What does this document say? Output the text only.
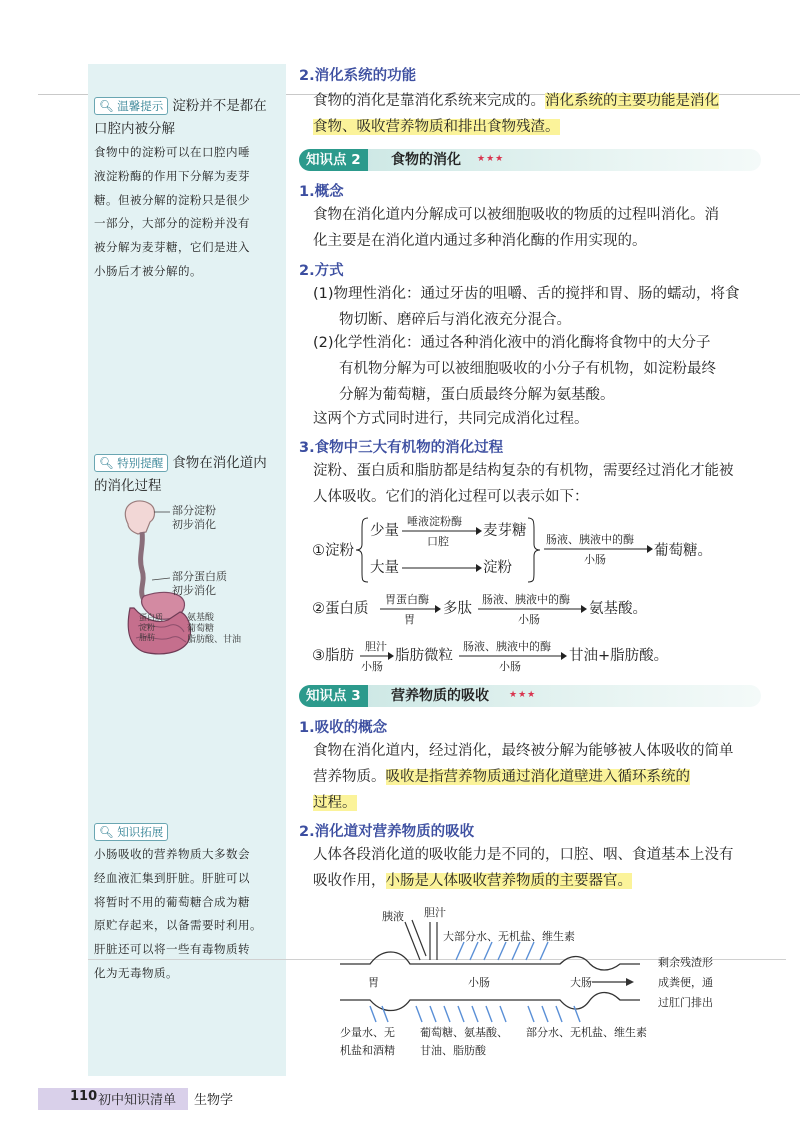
🔍︎ 温馨提示 淀粉并不是都在
口腔内被分解
食物中的淀粉可以在口腔内唾
液淀粉酶的作用下分解为麦芽
糖。但被分解的淀粉只是很少
一部分，大部分的淀粉并没有
被分解为麦芽糖，它们是进入
小肠后才被分解的。
🔍︎ 特别提醒 食物在消化道内
的消化过程
部分淀粉
初步消化
部分蛋白质
初步消化
蛋白质
淀粉
脂肪
氨基酸
葡萄糖
脂肪酸、甘油
🔍︎ 知识拓展
小肠吸收的营养物质大多数会
经血液汇集到肝脏。肝脏可以
将暂时不用的葡萄糖合成为糖
原贮存起来，以备需要时利用。
肝脏还可以将一些有毒物质转
化为无毒物质。
2.消化系统的功能
食物的消化是靠消化系统来完成的。消化系统的主要功能是消化
食物、吸收营养物质和排出食物残渣。
知识点 2	食物的消化 ★★★
1.概念
食物在消化道内分解成可以被细胞吸收的物质的过程叫消化。消
化主要是在消化道内通过多种消化酶的作用实现的。
2.方式
(1)物理性消化：通过牙齿的咀嚼、舌的搅拌和胃、肠的蠕动，将食
物切断、磨碎后与消化液充分混合。
(2)化学性消化：通过各种消化液中的消化酶将食物中的大分子
有机物分解为可以被细胞吸收的小分子有机物，如淀粉最终
分解为葡萄糖，蛋白质最终分解为氨基酸。
这两个方式同时进行，共同完成消化过程。
3.食物中三大有机物的消化过程
淀粉、蛋白质和脂肪都是结构复杂的有机物，需要经过消化才能被
人体吸收。它们的消化过程可以表示如下：
①淀粉
少量
唾液淀粉酶
口腔
麦芽糖
大量	淀粉
肠液、胰液中的酶
小肠
葡萄糖。
②蛋白质
胃蛋白酶
胃
多肽
肠液、胰液中的酶
小肠
氨基酸。
③脂肪
胆汁
小肠
脂肪微粒
肠液、胰液中的酶
小肠
甘油+脂肪酸。
知识点 3	营养物质的吸收 ★★★
1.吸收的概念
食物在消化道内，经过消化，最终被分解为能够被人体吸收的简单
营养物质。吸收是指营养物质通过消化道壁进入循环系统的
过程。
2.消化道对营养物质的吸收
人体各段消化道的吸收能力是不同的，口腔、咽、食道基本上没有
吸收作用，小肠是人体吸收营养物质的主要器官。
胰液 胆汁
大部分水、无机盐、维生素
胃	小肠	大肠
剩余残渣形
成粪便，通
过肛门排出
少量水、无
机盐和酒精
葡萄糖、氨基酸、
甘油、脂肪酸
部分水、无机盐、维生素
110 初中知识清单 生物学
